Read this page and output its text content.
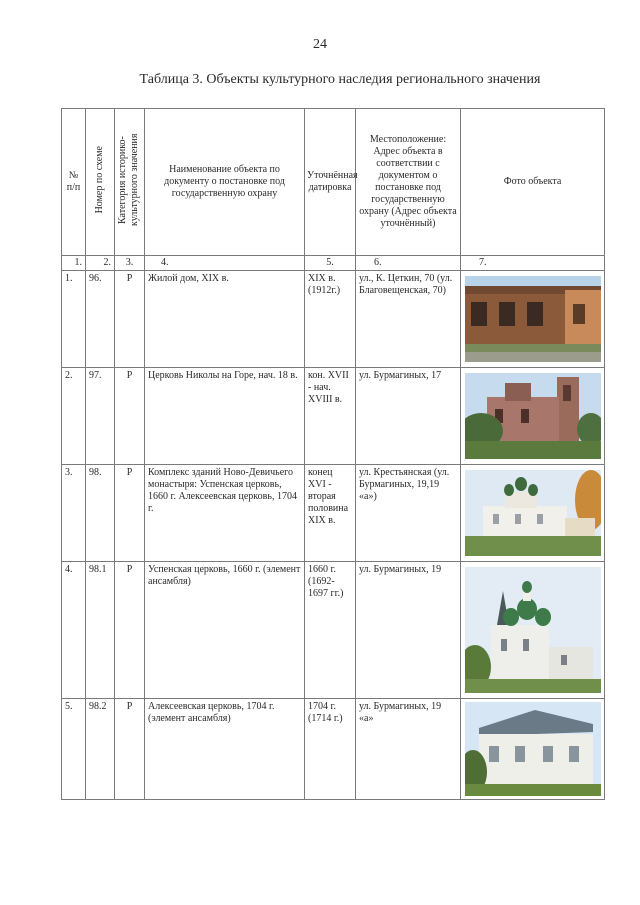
24
Таблица 3. Объекты культурного наследия регионального значения
№ п/п	Номер по схеме	Категория историко-культурного значения	Наименование объекта по документу о постановке под государственную охрану	Уточнённая датировка	Местоположение: Адрес объекта в соответствии с документом о постановке под государственную охрану (Адрес объекта уточнённый)	Фото объекта
1.	2.	3.	4.	5.	6.	7.
1.	96.	Р	Жилой дом, XIX в.	XIX в. (1912г.)	ул., К. Цеткин, 70 (ул. Благовещенская, 70)	

2.	97.	Р	Церковь Николы на Горе, нач. 18 в.	кон. XVII - нач. XVIII в.	ул. Бурмагиных, 17	

3.	98.	Р	Комплекс зданий Ново-Девичьего монастыря: Успенская церковь, 1660 г. Алексеевская церковь, 1704 г.	конец XVI - вторая половина XIX в.	ул. Крестьянская (ул. Бурмагиных, 19,19 «а»)	

4.	98.1	Р	Успенская церковь, 1660 г. (элемент ансамбля)	1660 г. (1692-1697 гг.)	ул. Бурмагиных, 19	

5.	98.2	Р	Алексеевская церковь, 1704 г. (элемент ансамбля)	1704 г. (1714 г.)	ул. Бурмагиных, 19 «а»	
